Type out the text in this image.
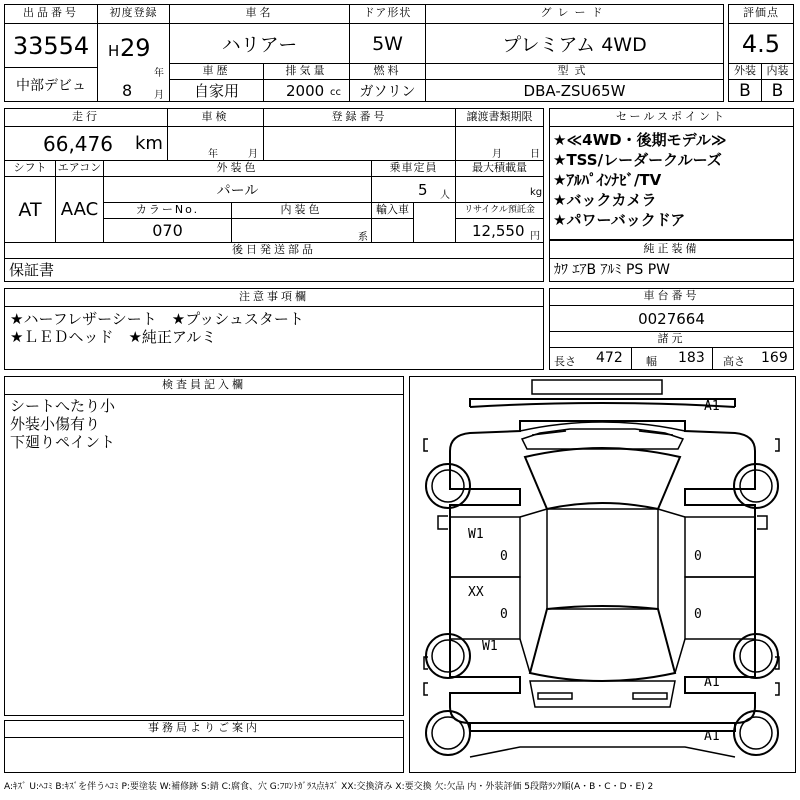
出品番号
33554
中部デビュ
初度登録
H 29
年
8 月
車名
ハリアー
ドア形状
5W
グレード
プレミアム 4WD
車歴
自家用
排気量
2000 cc
燃料
ガソリン
型式
DBA-ZSU65W
評価点
4.5
外装 内装
B	B
走行
66,476 km
車検
年	月
登録番号	譲渡書類期限
月	日
シフト
AT
エアコン
AAC
外装色
パール
乗車定員
5 人
最大積載量
kg
カラーNo.
070
内装色
系
輸入車	リサイクル預託金
12,550 円
後日発送部品
保証書
セールスポイント
★≪4WD・後期モデル≫
★TSS/レーダークルーズ
★ｱﾙﾊﾟｲﾝﾅﾋﾞ/TV
★バックカメラ
★パワーバックドア
純正装備
ｶﾜ ｴｱB ｱﾙﾐ PS PW
注意事項欄
★ハーフレザーシート　★プッシュスタート
★ＬＥＤヘッド　★純正アルミ
車台番号
0027664
諸元
長さ 472 幅 183 高さ 169
検査員記入欄
シートへたり小
外装小傷有り
下廻りペイント
事務局よりご案内
A1
W1
0
XX
0
W1
0
0
A1
A1
A:ｷｽﾞ U:ﾍｺﾐ B:ｷｽﾞを伴うﾍｺﾐ P:要塗装 W:補修跡 S:錆 C:腐食、穴 G:ﾌﾛﾝﾄｶﾞﾗｽ点ｷｽﾞ XX:交換済み X:要交換 欠:欠品 内・外装評価 5段階ﾗﾝｸ順(A・B・C・D・E) 2
